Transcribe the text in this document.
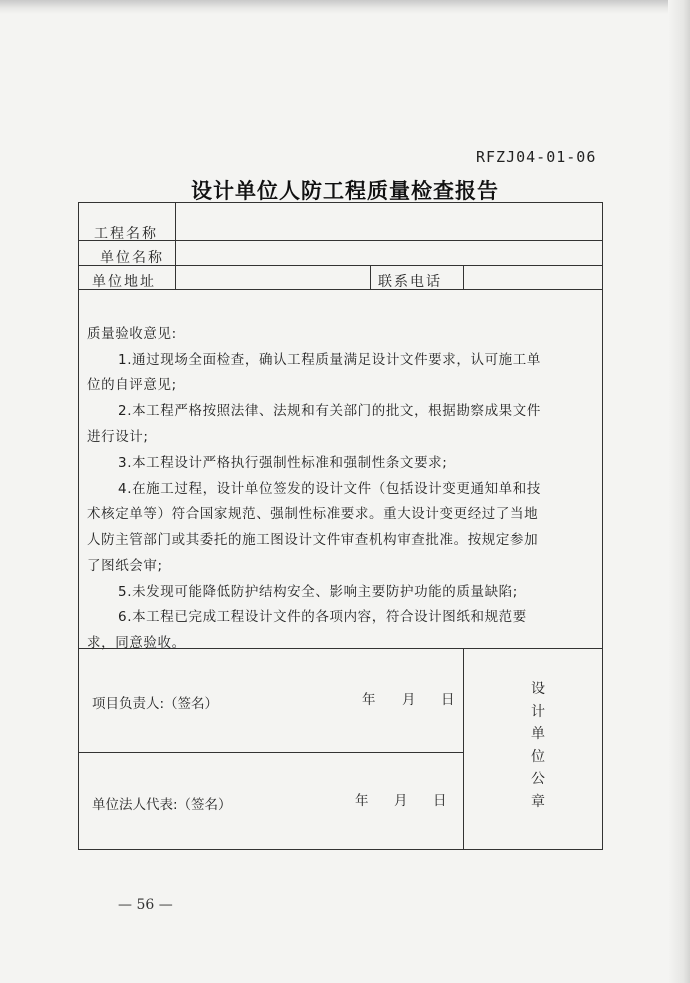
RFZJ04-01-06
设计单位人防工程质量检查报告
工程名称
单位名称
单位地址	联系电话
质量验收意见:
1.通过现场全面检查，确认工程质量满足设计文件要求，认可施工单
位的自评意见;
2.本工程严格按照法律、法规和有关部门的批文，根据勘察成果文件
进行设计;
3.本工程设计严格执行强制性标准和强制性条文要求;
4.在施工过程，设计单位签发的设计文件（包括设计变更通知单和技
术核定单等）符合国家规范、强制性标准要求。重大设计变更经过了当地
人防主管部门或其委托的施工图设计文件审查机构审查批准。按规定参加
了图纸会审;
5.未发现可能降低防护结构安全、影响主要防护功能的质量缺陷;
6.本工程已完成工程设计文件的各项内容，符合设计图纸和规范要
求，同意验收。
项目负责人:（签名）	年 月 日
单位法人代表:（签名）	年 月 日
设
计
单
位
公
章
— 56 —
